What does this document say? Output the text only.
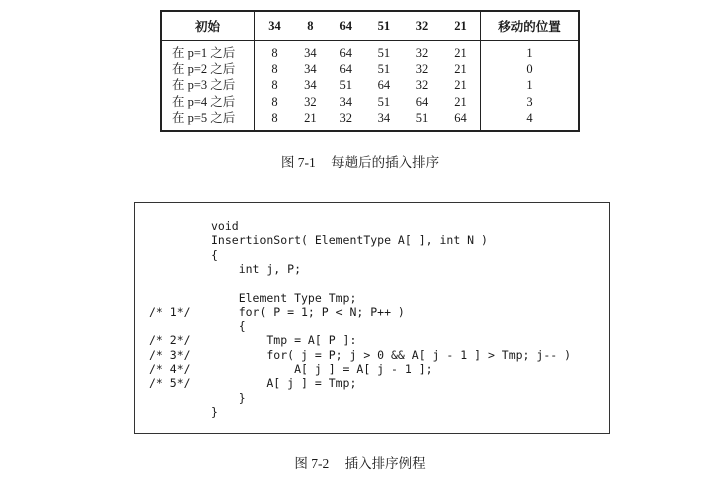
初始	34	8	64	51	32	21	移动的位置
在 p=1 之后	8	34	64	51	32	21	1
在 p=2 之后	8	34	64	51	32	21	0
在 p=3 之后	8	34	51	64	32	21	1
在 p=4 之后	8	32	34	51	64	21	3
在 p=5 之后	8	21	32	34	51	64	4
图 7-1 每趟后的插入排序
void
InsertionSort( ElementType A[ ], int N )
{
int j, P;
Element Type Tmp;
/* 1*/ for( P = 1; P < N; P++ )
{
/* 2*/ Tmp = A[ P ]:
/* 3*/ for( j = P; j > 0 && A[ j - 1 ] > Tmp; j-- )
/* 4*/ A[ j ] = A[ j - 1 ];
/* 5*/ A[ j ] = Tmp;
}
}
图 7-2 插入排序例程
